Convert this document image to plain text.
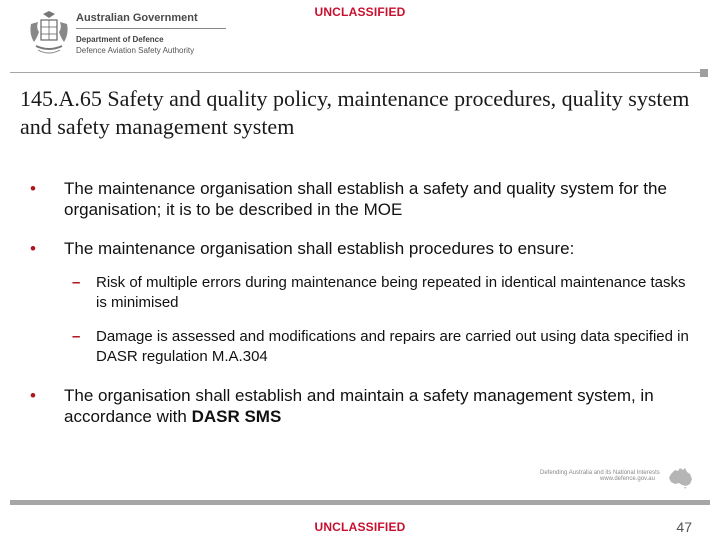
UNCLASSIFIED
Australian Government
Department of Defence
Defence Aviation Safety Authority
145.A.65 Safety and quality policy, maintenance procedures, quality system and safety management system
•	The maintenance organisation shall establish a safety and quality system for the organisation; it is to be described in the MOE
•	The maintenance organisation shall establish procedures to ensure:
– Risk of multiple errors during maintenance being repeated in identical maintenance tasks is minimised
– Damage is assessed and modifications and repairs are carried out using data specified in DASR regulation M.A.304
•	The organisation shall establish and maintain a safety management system, in accordance with DASR SMS
Defending Australia and its National Interests
www.defence.gov.au
UNCLASSIFIED	47
